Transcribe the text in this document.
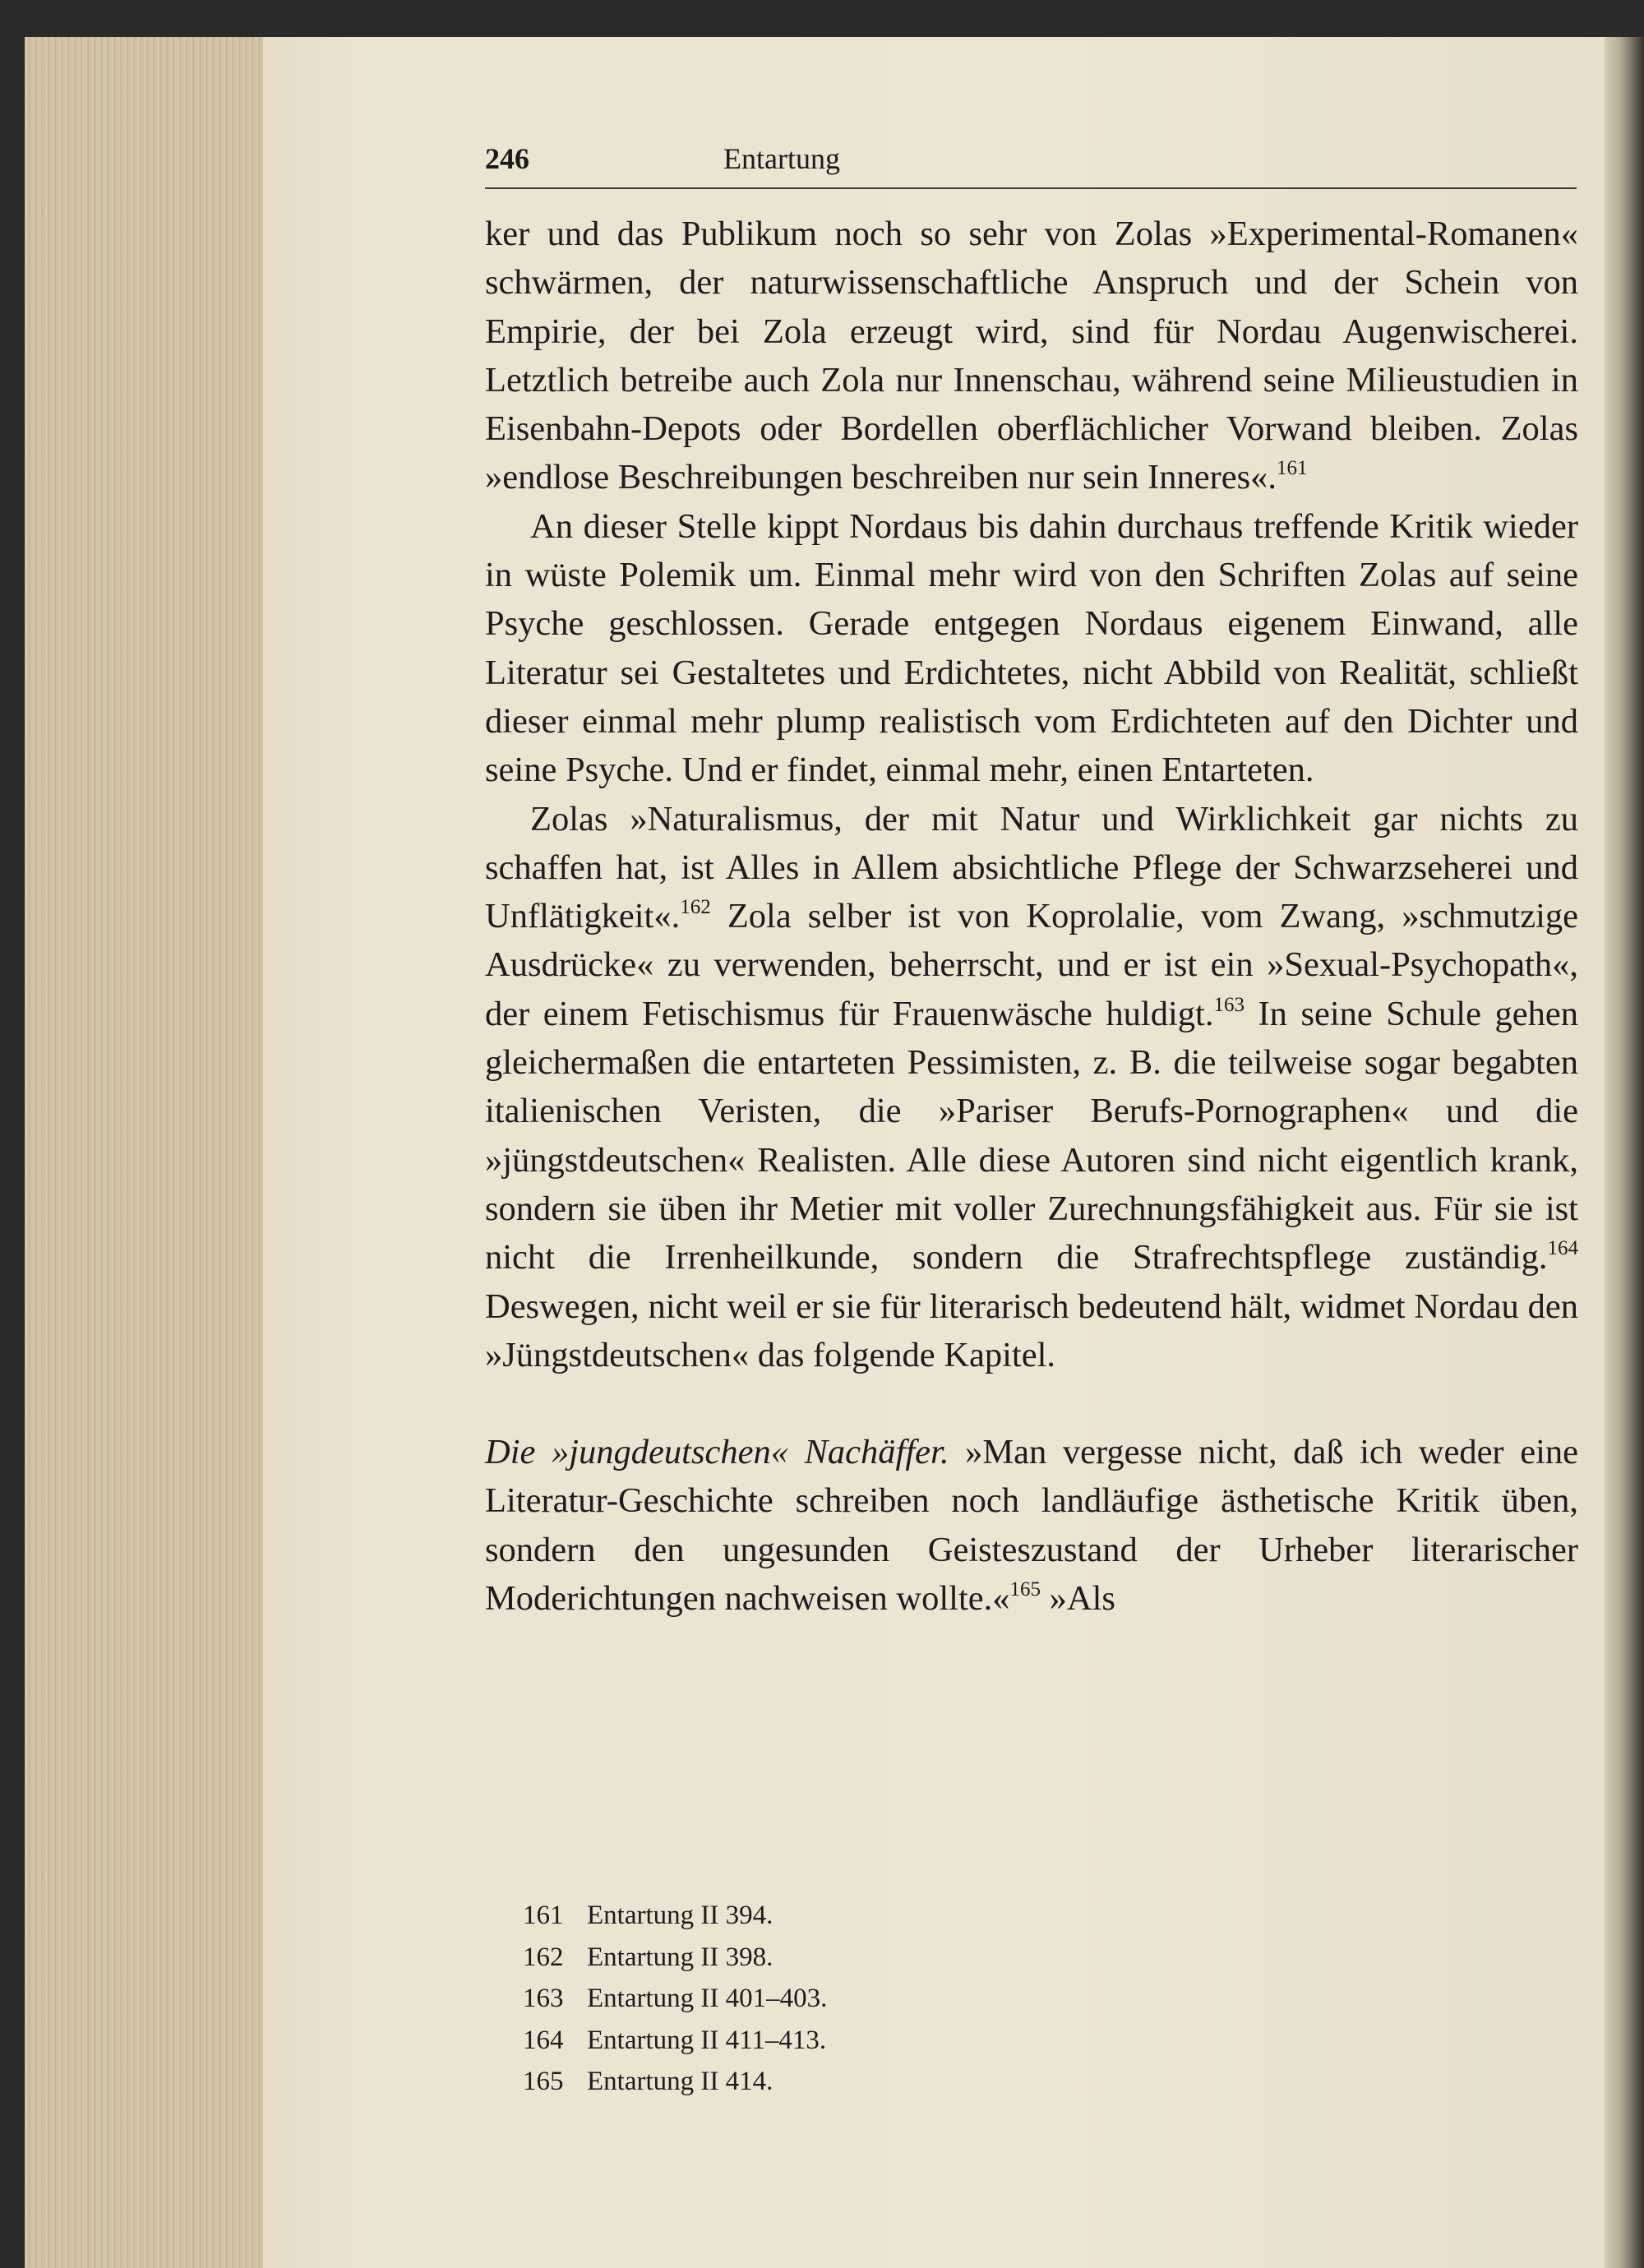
246	Entartung

ker und das Publikum noch so sehr von Zolas »Experimental-Romanen« schwärmen, der naturwissenschaftliche Anspruch und der Schein von Empirie, der bei Zola erzeugt wird, sind für Nordau Augenwischerei. Letztlich betreibe auch Zola nur Innenschau, während seine Milieustudien in Eisenbahn-Depots oder Bordellen oberflächlicher Vorwand bleiben. Zolas »endlose Beschreibungen beschreiben nur sein Inneres«.$^{161}$

An dieser Stelle kippt Nordaus bis dahin durchaus treffende Kritik wieder in wüste Polemik um. Einmal mehr wird von den Schriften Zolas auf seine Psyche geschlossen. Gerade entgegen Nordaus eigenem Einwand, alle Literatur sei Gestaltetes und Erdichtetes, nicht Abbild von Realität, schließt dieser einmal mehr plump realistisch vom Erdichteten auf den Dichter und seine Psyche. Und er findet, einmal mehr, einen Entarteten.

Zolas »Naturalismus, der mit Natur und Wirklichkeit gar nichts zu schaffen hat, ist Alles in Allem absichtliche Pflege der Schwarzseherei und Unflätigkeit«.$^{162}$ Zola selber ist von Koprolalie, vom Zwang, »schmutzige Ausdrücke« zu verwenden, beherrscht, und er ist ein »Sexual-Psychopath«, der einem Fetischismus für Frauenwäsche huldigt.$^{163}$ In seine Schule gehen gleichermaßen die entarteten Pessimisten, z. B. die teilweise sogar begabten italienischen Veristen, die »Pariser Berufs-Pornographen« und die »jüngstdeutschen« Realisten. Alle diese Autoren sind nicht eigentlich krank, sondern sie üben ihr Metier mit voller Zurechnungsfähigkeit aus. Für sie ist nicht die Irrenheilkunde, sondern die Strafrechtspflege zuständig.$^{164}$ Deswegen, nicht weil er sie für literarisch bedeutend hält, widmet Nordau den »Jüngstdeutschen« das folgende Kapitel.

Die »jungdeutschen« Nachäffer. »Man vergesse nicht, daß ich weder eine Literatur-Geschichte schreiben noch landläufige ästhetische Kritik üben, sondern den ungesunden Geisteszustand der Urheber literarischer Moderichtungen nachweisen wollte.«$^{165}$ »Als

161 Entartung II 394.
162 Entartung II 398.
163 Entartung II 401–403.
164 Entartung II 411–413.
165 Entartung II 414.
